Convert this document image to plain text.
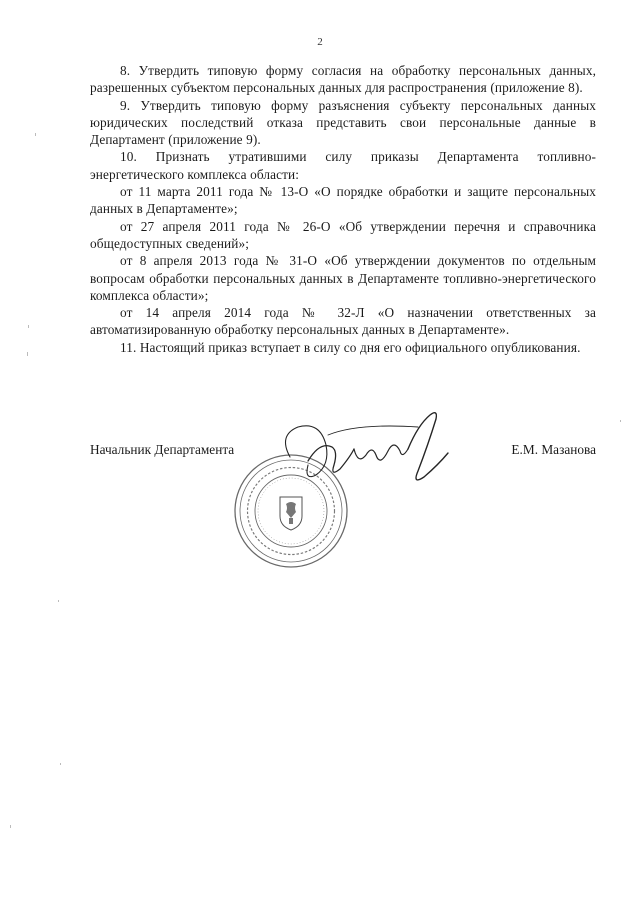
2

8. Утвердить типовую форму согласия на обработку персональных данных, разрешенных субъектом персональных данных для распространения (приложение 8).

9. Утвердить типовую форму разъяснения субъекту персональных данных юридических последствий отказа представить свои персональные данные в Департамент (приложение 9).

10. Признать утратившими силу приказы Департамента топливно-энергетического комплекса области:

от 11 марта 2011 года № 13-О «О порядке обработки и защите персональных данных в Департаменте»;

от 27 апреля 2011 года № 26-О «Об утверждении перечня и справочника общедоступных сведений»;

от 8 апреля 2013 года № 31-О «Об утверждении документов по отдельным вопросам обработки персональных данных в Департаменте топливно-энергетического комплекса области»;

от 14 апреля 2014 года № 32-Л «О назначении ответственных за автоматизированную обработку персональных данных в Департаменте».

11. Настоящий приказ вступает в силу со дня его официального опубликования.

Начальник Департамента	Е.М. Мазанова
